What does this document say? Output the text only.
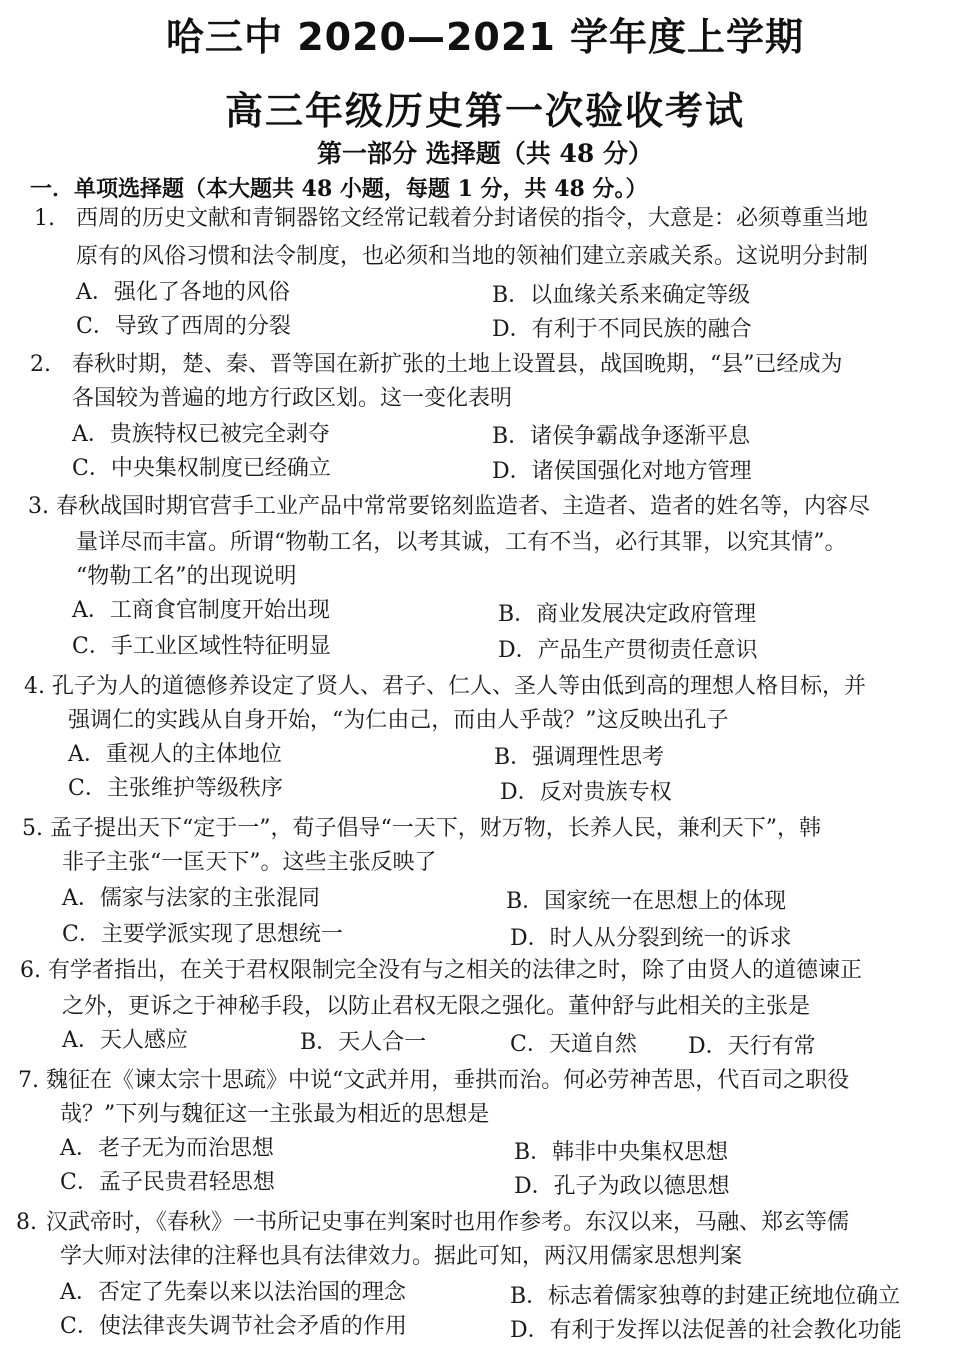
哈三中 2020—2021 学年度上学期
高三年级历史第一次验收考试
第一部分 选择题（共 48 分）
一．单项选择题（本大题共 48 小题，每题 1 分，共 48 分。）
1. 西周的历史文献和青铜器铭文经常记载着分封诸侯的指令，大意是：必须尊重当地
原有的风俗习惯和法令制度，也必须和当地的领袖们建立亲戚关系。这说明分封制
A．强化了各地的风俗	B．以血缘关系来确定等级
C．导致了西周的分裂	D．有利于不同民族的融合
2. 春秋时期，楚、秦、晋等国在新扩张的土地上设置县，战国晚期，“县”已经成为
各国较为普遍的地方行政区划。这一变化表明
A．贵族特权已被完全剥夺	B．诸侯争霸战争逐渐平息
C．中央集权制度已经确立	D．诸侯国强化对地方管理
3. 春秋战国时期官营手工业产品中常常要铭刻监造者、主造者、造者的姓名等，内容尽
量详尽而丰富。所谓“物勒工名，以考其诚，工有不当，必行其罪，以究其情”。
“物勒工名”的出现说明
A．工商食官制度开始出现	B．商业发展决定政府管理
C．手工业区域性特征明显	D．产品生产贯彻责任意识
4. 孔子为人的道德修养设定了贤人、君子、仁人、圣人等由低到高的理想人格目标，并
强调仁的实践从自身开始，“为仁由己，而由人乎哉？”这反映出孔子
A．重视人的主体地位	B．强调理性思考
C．主张维护等级秩序	D．反对贵族专权
5. 孟子提出天下“定于一”，荀子倡导“一天下，财万物，长养人民，兼利天下”，韩
非子主张“一匡天下”。这些主张反映了
A．儒家与法家的主张混同	B．国家统一在思想上的体现
C．主要学派实现了思想统一	D．时人从分裂到统一的诉求
6. 有学者指出，在关于君权限制完全没有与之相关的法律之时，除了由贤人的道德谏正
之外，更诉之于神秘手段，以防止君权无限之强化。董仲舒与此相关的主张是
A．天人感应	B．天人合一	C．天道自然 D．天行有常
7. 魏征在《谏太宗十思疏》中说“文武并用，垂拱而治。何必劳神苦思，代百司之职役
哉？”下列与魏征这一主张最为相近的思想是
A．老子无为而治思想	B．韩非中央集权思想
C．孟子民贵君轻思想	D．孔子为政以德思想
8. 汉武帝时，《春秋》一书所记史事在判案时也用作参考。东汉以来，马融、郑玄等儒
学大师对法律的注释也具有法律效力。据此可知，两汉用儒家思想判案
A．否定了先秦以来以法治国的理念	B．标志着儒家独尊的封建正统地位确立
C．使法律丧失调节社会矛盾的作用	D．有利于发挥以法促善的社会教化功能
